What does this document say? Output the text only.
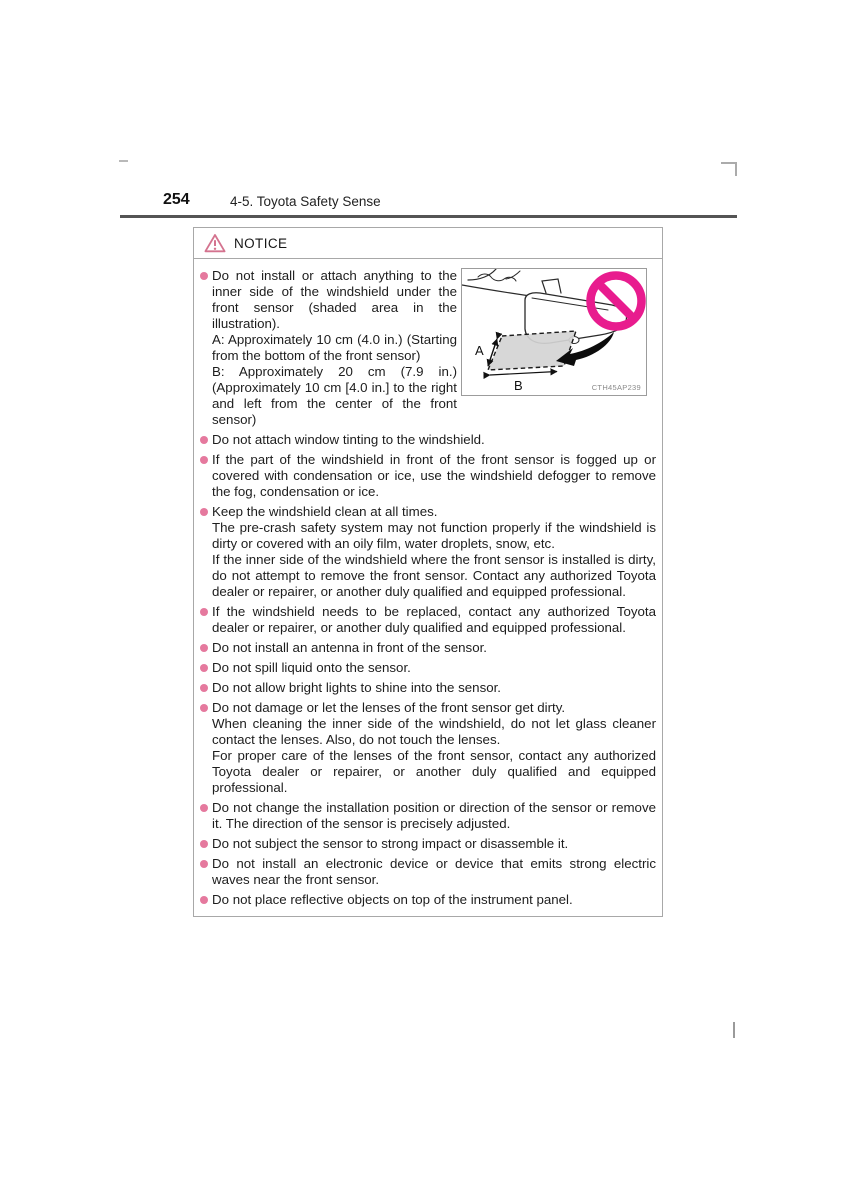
254	4-5. Toyota Safety Sense
NOTICE

Do not install or attach anything to the inner side of the windshield under the front sensor (shaded area in the illustration).

A: Approximately 10 cm (4.0 in.) (Starting from the bottom of the front sensor)

B: Approximately 20 cm (7.9 in.) (Approximately 10 cm [4.0 in.] to the right and left from the center of the front sensor)

A
B	CTH45AP239

Do not attach window tinting to the windshield.

If the part of the windshield in front of the front sensor is fogged up or covered with condensation or ice, use the windshield defogger to remove the fog, condensation or ice.

Keep the windshield clean at all times.

The pre-crash safety system may not function properly if the windshield is dirty or covered with an oily film, water droplets, snow, etc.

If the inner side of the windshield where the front sensor is installed is dirty, do not attempt to remove the front sensor. Contact any authorized Toyota dealer or repairer, or another duly qualified and equipped professional.

If the windshield needs to be replaced, contact any authorized Toyota dealer or repairer, or another duly qualified and equipped professional.

Do not install an antenna in front of the sensor.

Do not spill liquid onto the sensor.

Do not allow bright lights to shine into the sensor.

Do not damage or let the lenses of the front sensor get dirty.

When cleaning the inner side of the windshield, do not let glass cleaner contact the lenses. Also, do not touch the lenses.

For proper care of the lenses of the front sensor, contact any authorized Toyota dealer or repairer, or another duly qualified and equipped professional.

Do not change the installation position or direction of the sensor or remove it. The direction of the sensor is precisely adjusted.

Do not subject the sensor to strong impact or disassemble it.

Do not install an electronic device or device that emits strong electric waves near the front sensor.

Do not place reflective objects on top of the instrument panel.
